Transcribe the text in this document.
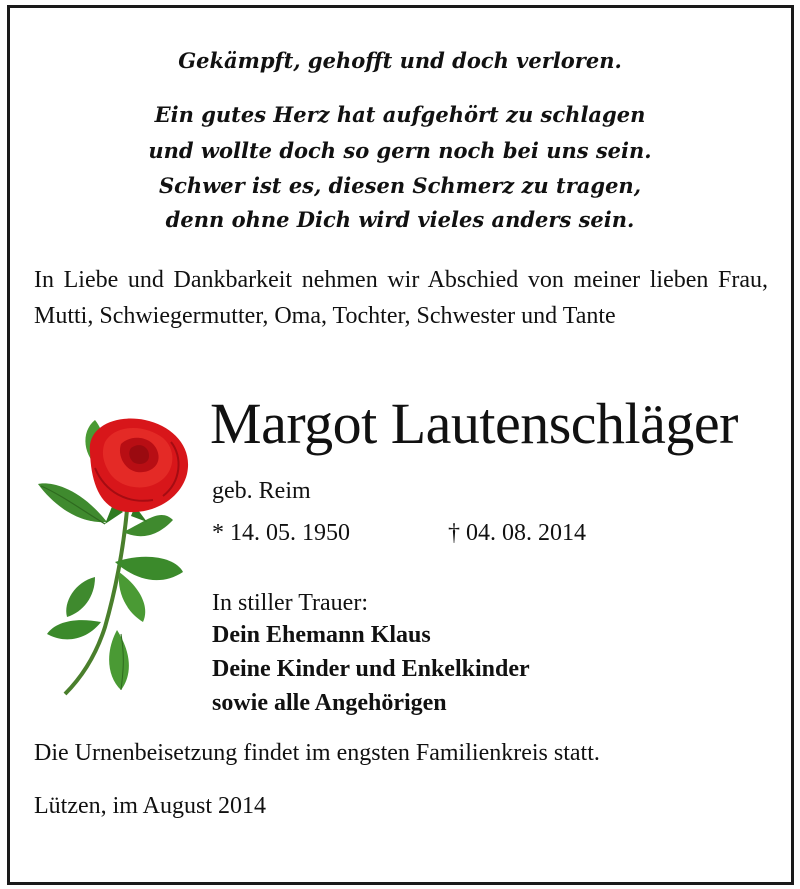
Gekämpft, gehofft und doch verloren.
Ein gutes Herz hat aufgehört zu schlagen
und wollte doch so gern noch bei uns sein.
Schwer ist es, diesen Schmerz zu tragen,
denn ohne Dich wird vieles anders sein.
In Liebe und Dankbarkeit nehmen wir Abschied von meiner lieben Frau, Mutti, Schwiegermutter, Oma, Tochter, Schwester und Tante
Margot Lautenschläger
geb. Reim
* 14. 05. 1950	† 04. 08. 2014
In stiller Trauer:
Dein Ehemann Klaus
Deine Kinder und Enkelkinder
sowie alle Angehörigen
Die Urnenbeisetzung findet im engsten Familienkreis statt.
Lützen, im August 2014
